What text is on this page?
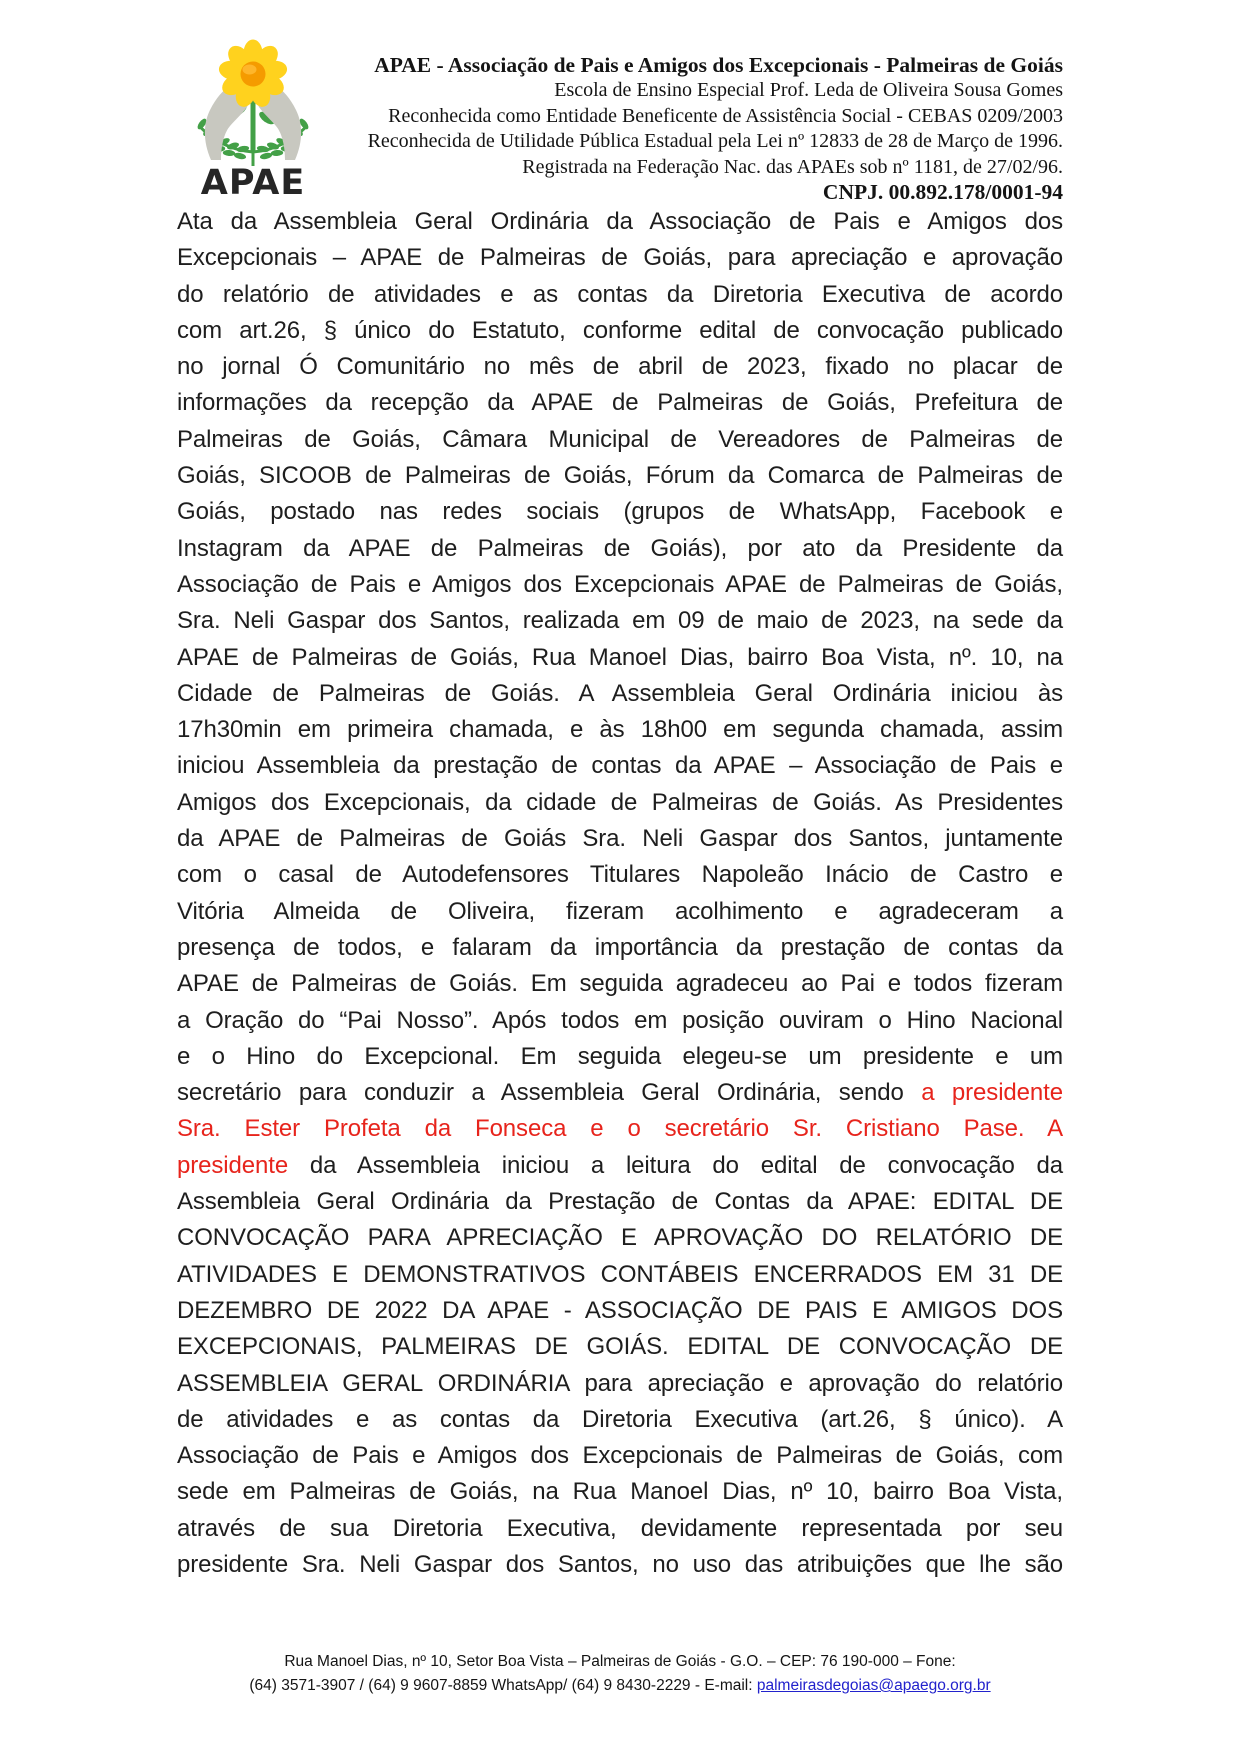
APAE
APAE - Associação de Pais e Amigos dos Excepcionais - Palmeiras de Goiás
Escola de Ensino Especial Prof. Leda de Oliveira Sousa Gomes
Reconhecida como Entidade Beneficente de Assistência Social - CEBAS 0209/2003
Reconhecida de Utilidade Pública Estadual pela Lei nº 12833 de 28 de Março de 1996.
Registrada na Federação Nac. das APAEs sob nº 1181, de 27/02/96.
CNPJ. 00.892.178/0001-94
Ata da Assembleia Geral Ordinária da Associação de Pais e Amigos dos
Excepcionais – APAE de Palmeiras de Goiás, para apreciação e aprovação
do relatório de atividades e as contas da Diretoria Executiva de acordo
com art.26, § único do Estatuto, conforme edital de convocação publicado
no jornal Ó Comunitário no mês de abril de 2023, fixado no placar de
informações da recepção da APAE de Palmeiras de Goiás, Prefeitura de
Palmeiras de Goiás, Câmara Municipal de Vereadores de Palmeiras de
Goiás, SICOOB de Palmeiras de Goiás, Fórum da Comarca de Palmeiras de
Goiás, postado nas redes sociais (grupos de WhatsApp, Facebook e
Instagram da APAE de Palmeiras de Goiás), por ato da Presidente da
Associação de Pais e Amigos dos Excepcionais APAE de Palmeiras de Goiás,
Sra. Neli Gaspar dos Santos, realizada em 09 de maio de 2023, na sede da
APAE de Palmeiras de Goiás, Rua Manoel Dias, bairro Boa Vista, nº. 10, na
Cidade de Palmeiras de Goiás. A Assembleia Geral Ordinária iniciou às
17h30min em primeira chamada, e às 18h00 em segunda chamada, assim
iniciou Assembleia da prestação de contas da APAE – Associação de Pais e
Amigos dos Excepcionais, da cidade de Palmeiras de Goiás. As Presidentes
da APAE de Palmeiras de Goiás Sra. Neli Gaspar dos Santos, juntamente
com o casal de Autodefensores Titulares Napoleão Inácio de Castro e
Vitória Almeida de Oliveira, fizeram acolhimento e agradeceram a
presença de todos, e falaram da importância da prestação de contas da
APAE de Palmeiras de Goiás. Em seguida agradeceu ao Pai e todos fizeram
a Oração do “Pai Nosso”. Após todos em posição ouviram o Hino Nacional
e o Hino do Excepcional. Em seguida elegeu-se um presidente e um
secretário para conduzir a Assembleia Geral Ordinária, sendo a presidente
Sra. Ester Profeta da Fonseca e o secretário Sr. Cristiano Pase. A
presidente da Assembleia iniciou a leitura do edital de convocação da
Assembleia Geral Ordinária da Prestação de Contas da APAE: EDITAL DE
CONVOCAÇÃO PARA APRECIAÇÃO E APROVAÇÃO DO RELATÓRIO DE
ATIVIDADES E DEMONSTRATIVOS CONTÁBEIS ENCERRADOS EM 31 DE
DEZEMBRO DE 2022 DA APAE - ASSOCIAÇÃO DE PAIS E AMIGOS DOS
EXCEPCIONAIS, PALMEIRAS DE GOIÁS. EDITAL DE CONVOCAÇÃO DE
ASSEMBLEIA GERAL ORDINÁRIA para apreciação e aprovação do relatório
de atividades e as contas da Diretoria Executiva (art.26, § único). A
Associação de Pais e Amigos dos Excepcionais de Palmeiras de Goiás, com
sede em Palmeiras de Goiás, na Rua Manoel Dias, nº 10, bairro Boa Vista,
através de sua Diretoria Executiva, devidamente representada por seu
presidente Sra. Neli Gaspar dos Santos, no uso das atribuições que lhe são
Rua Manoel Dias, nº 10, Setor Boa Vista – Palmeiras de Goiás - G.O. – CEP: 76 190-000 – Fone:
(64) 3571-3907 / (64) 9 9607-8859 WhatsApp/ (64) 9 8430-2229 - E-mail: palmeirasdegoias@apaego.org.br
